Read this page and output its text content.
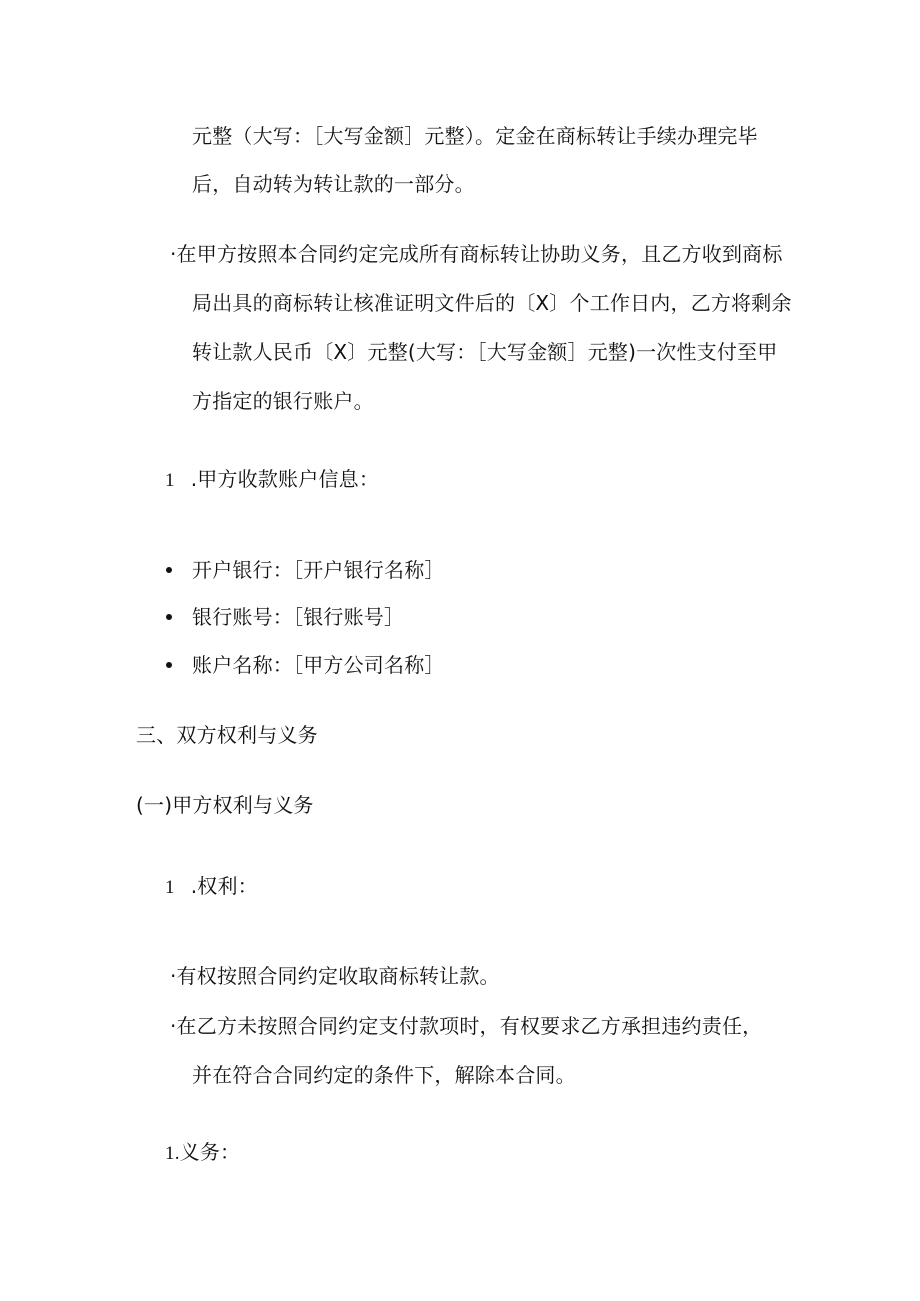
元整（大写：［大写金额］元整）。定金在商标转让手续办理完毕
后，自动转为转让款的一部分。
·在甲方按照本合同约定完成所有商标转让协助义务，且乙方收到商标
局出具的商标转让核准证明文件后的〔X〕个工作日内，乙方将剩余
转让款人民币〔X〕元整(大写：［大写金额］元整)一次性支付至甲
方指定的银行账户。
1 .甲方收款账户信息：
开户银行：［开户银行名称］
银行账号：［银行账号］
账户名称：［甲方公司名称］
三、双方权利与义务
(一)甲方权利与义务
1 .权利：
·有权按照合同约定收取商标转让款。
·在乙方未按照合同约定支付款项时，有权要求乙方承担违约责任，
并在符合合同约定的条件下，解除本合同。
1.义务：
